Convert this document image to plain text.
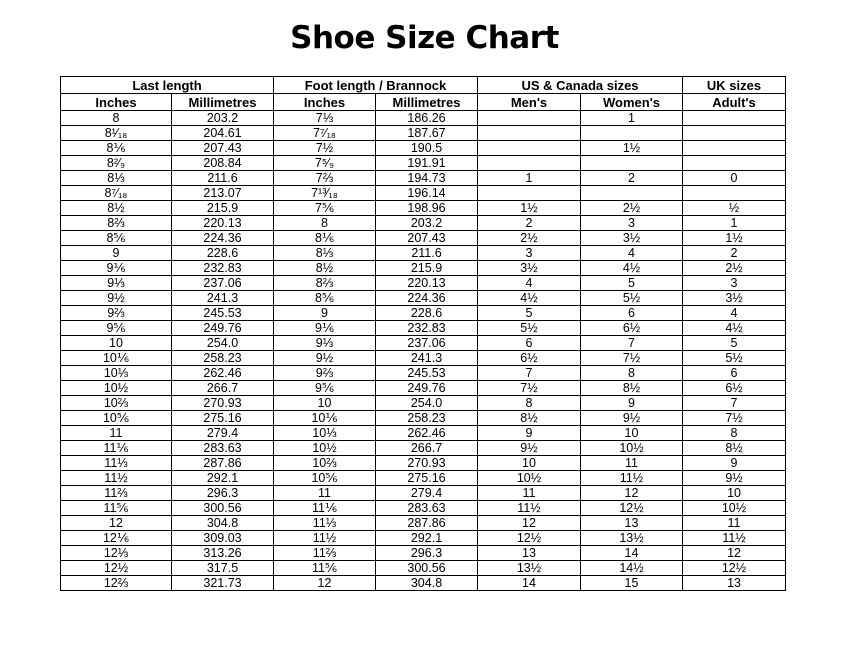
Shoe Size Chart
Last length		Foot length / Brannock		US & Canada sizes		UK sizes
Inches	Millimetres	Inches	Millimetres	Men's	Women's	Adult's
8	203.2	7⅓	186.26		1	
8¹⁄₁₈	204.61	7⁷⁄₁₈	187.67			
8⅙	207.43	7½	190.5		1½	
8²⁄₉	208.84	7⁵⁄₉	191.91			
8⅓	211.6	7⅔	194.73	1	2	0
8⁷⁄₁₈	213.07	7¹³⁄₁₈	196.14			
8½	215.9	7⅚	198.96	1½	2½	½
8⅔	220.13	8	203.2	2	3	1
8⅚	224.36	8⅙	207.43	2½	3½	1½
9	228.6	8⅓	211.6	3	4	2
9⅙	232.83	8½	215.9	3½	4½	2½
9⅓	237.06	8⅔	220.13	4	5	3
9½	241.3	8⅚	224.36	4½	5½	3½
9⅔	245.53	9	228.6	5	6	4
9⅚	249.76	9⅙	232.83	5½	6½	4½
10	254.0	9⅓	237.06	6	7	5
10⅙	258.23	9½	241.3	6½	7½	5½
10⅓	262.46	9⅔	245.53	7	8	6
10½	266.7	9⅚	249.76	7½	8½	6½
10⅔	270.93	10	254.0	8	9	7
10⅚	275.16	10⅙	258.23	8½	9½	7½
11	279.4	10⅓	262.46	9	10	8
11⅙	283.63	10½	266.7	9½	10½	8½
11⅓	287.86	10⅔	270.93	10	11	9
11½	292.1	10⅚	275.16	10½	11½	9½
11⅔	296.3	11	279.4	11	12	10
11⅚	300.56	11⅙	283.63	11½	12½	10½
12	304.8	11⅓	287.86	12	13	11
12⅙	309.03	11½	292.1	12½	13½	11½
12⅓	313.26	11⅔	296.3	13	14	12
12½	317.5	11⅚	300.56	13½	14½	12½
12⅔	321.73	12	304.8	14	15	13
